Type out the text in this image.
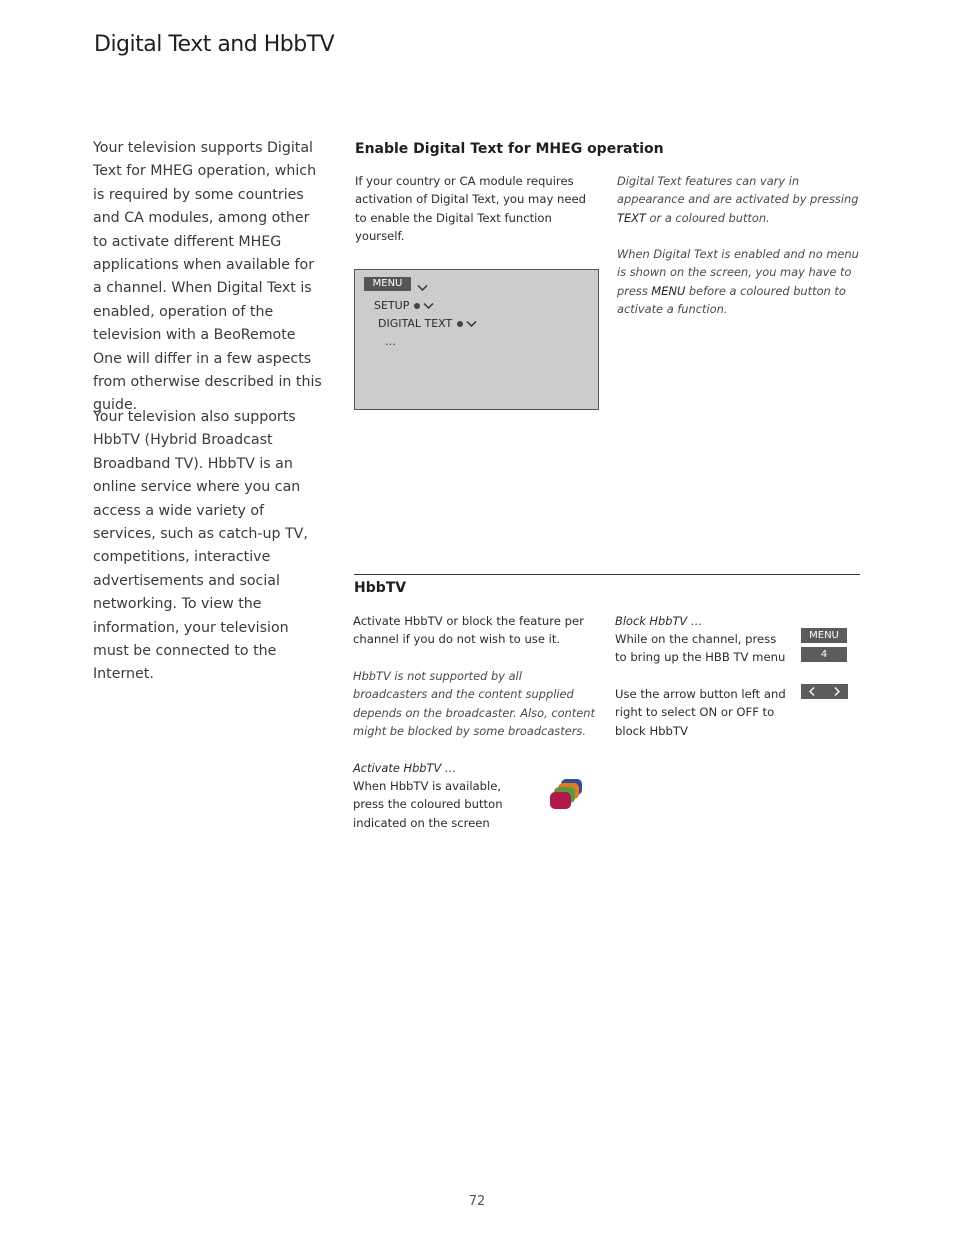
Digital Text and HbbTV

Your television supports Digital Text for MHEG operation, which is required by some countries and CA modules, among other to activate different MHEG applications when available for a channel. When Digital Text is enabled, operation of the television with a BeoRemote One will differ in a few aspects from otherwise described in this guide.

Your television also supports HbbTV (Hybrid Broadcast Broadband TV). HbbTV is an online service where you can access a wide variety of services, such as catch-up TV, competitions, interactive advertisements and social networking. To view the information, your television must be connected to the Internet.

Enable Digital Text for MHEG operation

If your country or CA module requires activation of Digital Text, you may need to enable the Digital Text function yourself.

Digital Text features can vary in appearance and are activated by pressing TEXT or a coloured button.

When Digital Text is enabled and no menu is shown on the screen, you may have to press MENU before a coloured button to activate a function.

MENU
SETUP
DIGITAL TEXT
…
HbbTV

Activate HbbTV or block the feature per channel if you do not wish to use it.

HbbTV is not supported by all broadcasters and the content supplied depends on the broadcaster. Also, content might be blocked by some broadcasters.

Activate HbbTV …

When HbbTV is available, press the coloured button indicated on the screen

Block HbbTV …

While on the channel, press to bring up the HBB TV menu

Use the arrow button left and right to select ON or OFF to block HbbTV

MENU
4

72
